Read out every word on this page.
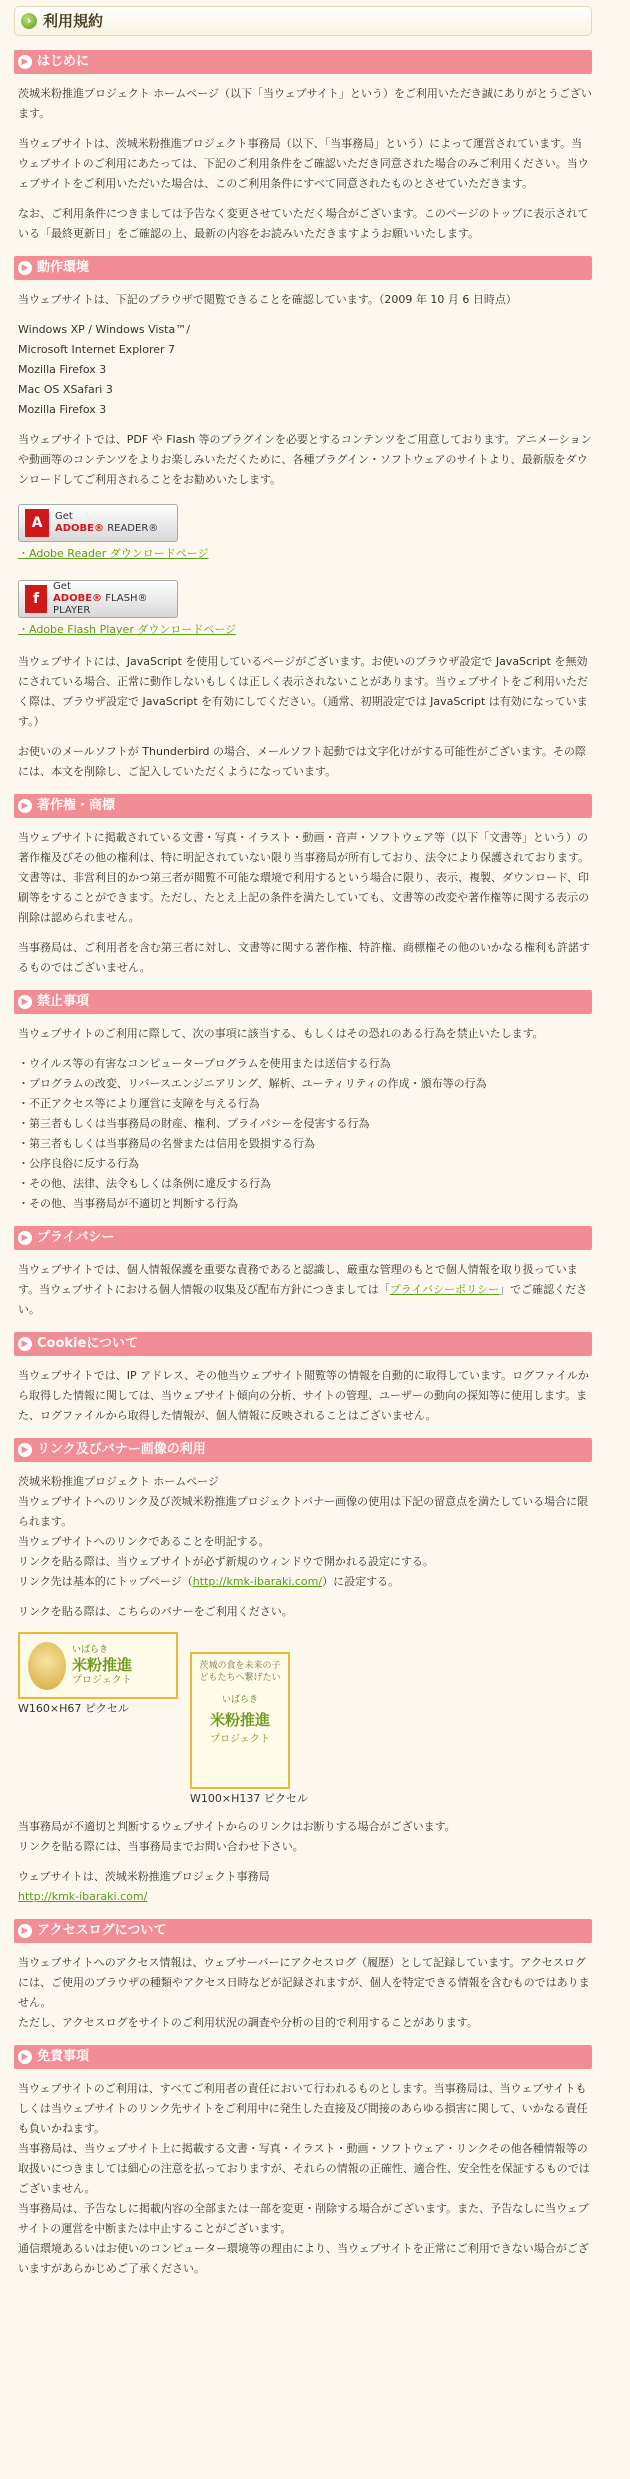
› 利用規約
▶ はじめに

茨城米粉推進プロジェクト ホームページ（以下「当ウェブサイト」という）をご利用いただき誠にありがとうございます。

当ウェブサイトは、茨城米粉推進プロジェクト事務局（以下、「当事務局」という）によって運営されています。当ウェブサイトのご利用にあたっては、下記のご利用条件をご確認いただき同意された場合のみご利用ください。当ウェブサイトをご利用いただいた場合は、このご利用条件にすべて同意されたものとさせていただきます。

なお、ご利用条件につきましては予告なく変更させていただく場合がございます。このページのトップに表示されている「最終更新日」をご確認の上、最新の内容をお読みいただきますようお願いいたします。

▶ 動作環境

当ウェブサイトは、下記のブラウザで閲覧できることを確認しています。（2009 年 10 月 6 日時点）

Windows XP / Windows Vista™/
Microsoft Internet Explorer 7
Mozilla Firefox 3
Mac OS XSafari 3
Mozilla Firefox 3

当ウェブサイトでは、PDF や Flash 等のプラグインを必要とするコンテンツをご用意しております。アニメーションや動画等のコンテンツをよりお楽しみいただくために、各種プラグイン・ソフトウェアのサイトより、最新版をダウンロードしてご利用されることをお勧めいたします。

A	Get
ADOBE® READER®
・Adobe Reader ダウンロードページ
f
Get
ADOBE® FLASH® PLAYER
・Adobe Flash Player ダウンロードページ

当ウェブサイトには、JavaScript を使用しているページがございます。お使いのブラウザ設定で JavaScript を無効にされている場合、正常に動作しないもしくは正しく表示されないことがあります。当ウェブサイトをご利用いただく際は、ブラウザ設定で JavaScript を有効にしてください。（通常、初期設定では JavaScript は有効になっています。）

お使いのメールソフトが Thunderbird の場合、メールソフト起動では文字化けがする可能性がございます。その際には、本文を削除し、ご記入していただくようになっています。

▶ 著作権・商標

当ウェブサイトに掲載されている文書・写真・イラスト・動画・音声・ソフトウェア等（以下「文書等」という）の著作権及びその他の権利は、特に明記されていない限り当事務局が所有しており、法令により保護されております。文書等は、非営利目的かつ第三者が閲覧不可能な環境で利用するという場合に限り、表示、複製、ダウンロード、印刷等をすることができます。ただし、たとえ上記の条件を満たしていても、文書等の改変や著作権等に関する表示の削除は認められません。

当事務局は、ご利用者を含む第三者に対し、文書等に関する著作権、特許権、商標権その他のいかなる権利も許諾するものではございません。

▶ 禁止事項

当ウェブサイトのご利用に際して、次の事項に該当する、もしくはその恐れのある行為を禁止いたします。

・ウイルス等の有害なコンピュータープログラムを使用または送信する行為
・プログラムの改変、リバースエンジニアリング、解析、ユーティリティの作成・頒布等の行為
・不正アクセス等により運営に支障を与える行為
・第三者もしくは当事務局の財産、権利、プライバシーを侵害する行為
・第三者もしくは当事務局の名誉または信用を毀損する行為
・公序良俗に反する行為
・その他、法律、法令もしくは条例に違反する行為
・その他、当事務局が不適切と判断する行為
▶ プライバシー

当ウェブサイトでは、個人情報保護を重要な責務であると認識し、厳重な管理のもとで個人情報を取り扱っています。当ウェブサイトにおける個人情報の収集及び配布方針につきましては「プライバシーポリシー」でご確認ください。

▶ Cookieについて

当ウェブサイトでは、IP アドレス、その他当ウェブサイト閲覧等の情報を自動的に取得しています。ログファイルから取得した情報に関しては、当ウェブサイト傾向の分析、サイトの管理、ユーザーの動向の探知等に使用します。また、ログファイルから取得した情報が、個人情報に反映されることはございません。

▶ リンク及びバナー画像の利用

茨城米粉推進プロジェクト ホームページ

当ウェブサイトへのリンク及び茨城米粉推進プロジェクトバナー画像の使用は下記の留意点を満たしている場合に限られます。

当ウェブサイトへのリンクであることを明記する。

リンクを貼る際は、当ウェブサイトが必ず新規のウィンドウで開かれる設定にする。

リンク先は基本的にトップページ（http://kmk-ibaraki.com/）に設定する。

リンクを貼る際は、こちらのバナーをご利用ください。

いばらき
米粉推進
プロジェクト
W160×H67 ピクセル
茨城の食を未来の子どもたちへ繋げたい
いばらき
米粉推進
プロジェクト
W100×H137 ピクセル

当事務局が不適切と判断するウェブサイトからのリンクはお断りする場合がございます。

リンクを貼る際には、当事務局までお問い合わせ下さい。

ウェブサイトは、茨城米粉推進プロジェクト事務局

http://kmk-ibaraki.com/

▶ アクセスログについて

当ウェブサイトへのアクセス情報は、ウェブサーバーにアクセスログ（履歴）として記録しています。アクセスログには、ご使用のブラウザの種類やアクセス日時などが記録されますが、個人を特定できる情報を含むものではありません。

ただし、アクセスログをサイトのご利用状況の調査や分析の目的で利用することがあります。

▶ 免責事項

当ウェブサイトのご利用は、すべてご利用者の責任において行われるものとします。当事務局は、当ウェブサイトもしくは当ウェブサイトのリンク先サイトをご利用中に発生した直接及び間接のあらゆる損害に関して、いかなる責任も負いかねます。

当事務局は、当ウェブサイト上に掲載する文書・写真・イラスト・動画・ソフトウェア・リンクその他各種情報等の取扱いにつきましては細心の注意を払っておりますが、それらの情報の正確性、適合性、安全性を保証するものではございません。

当事務局は、予告なしに掲載内容の全部または一部を変更・削除する場合がございます。また、予告なしに当ウェブサイトの運営を中断または中止することがございます。

通信環境あるいはお使いのコンピューター環境等の理由により、当ウェブサイトを正常にご利用できない場合がございますがあらかじめご了承ください。
